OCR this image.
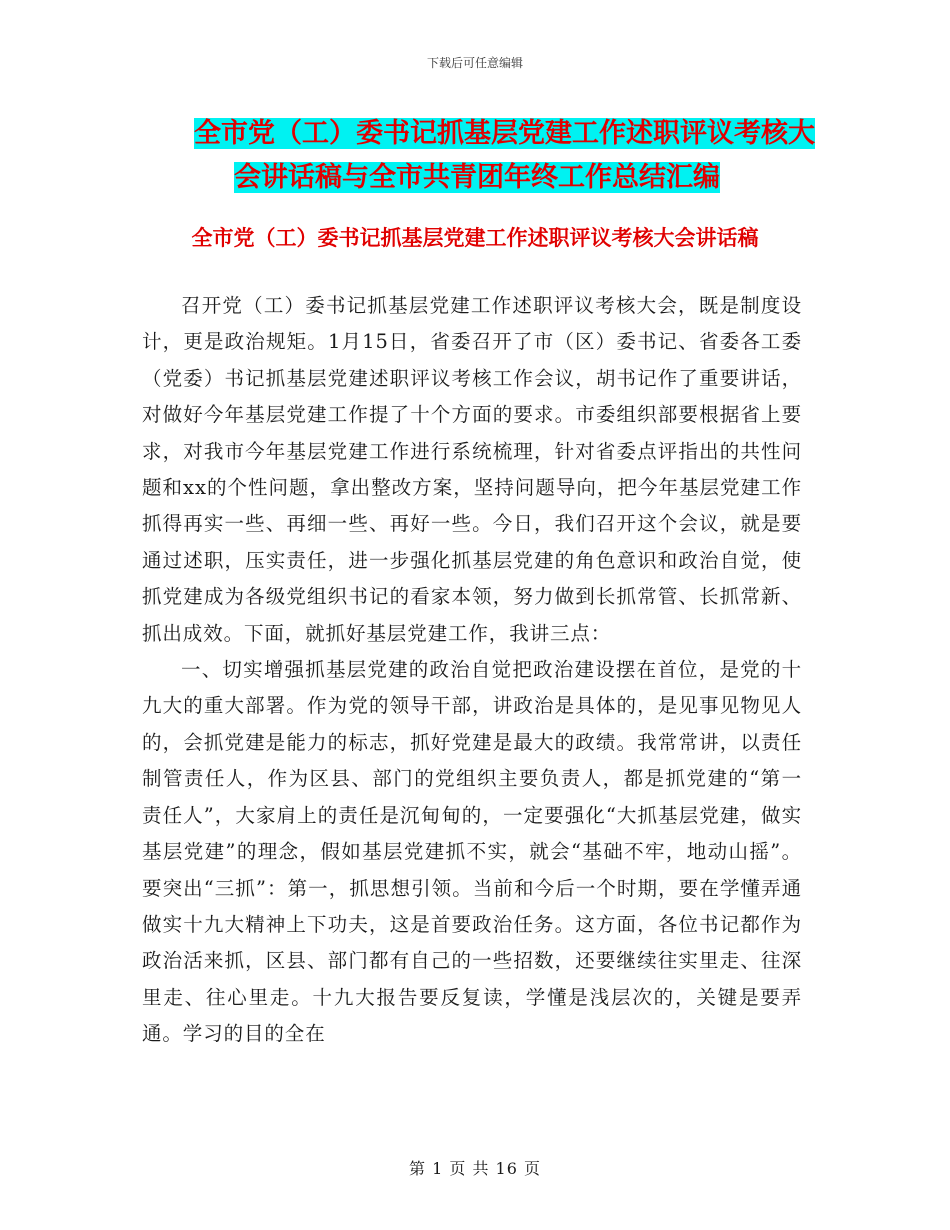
下载后可任意编辑
全市党（工）委书记抓基层党建工作述职评议考核大
会讲话稿与全市共青团年终工作总结汇编
全市党（工）委书记抓基层党建工作述职评议考核大会讲话稿

召开党（工）委书记抓基层党建工作述职评议考核大会，既是制度设计，更是政治规矩。1月15日，省委召开了市（区）委书记、省委各工委（党委）书记抓基层党建述职评议考核工作会议，胡书记作了重要讲话，对做好今年基层党建工作提了十个方面的要求。市委组织部要根据省上要求，对我市今年基层党建工作进行系统梳理，针对省委点评指出的共性问题和xx的个性问题，拿出整改方案，坚持问题导向，把今年基层党建工作抓得再实一些、再细一些、再好一些。今日，我们召开这个会议，就是要通过述职，压实责任，进一步强化抓基层党建的角色意识和政治自觉，使抓党建成为各级党组织书记的看家本领，努力做到长抓常管、长抓常新、抓出成效。下面，就抓好基层党建工作，我讲三点：

一、切实增强抓基层党建的政治自觉把政治建设摆在首位，是党的十九大的重大部署。作为党的领导干部，讲政治是具体的，是见事见物见人的，会抓党建是能力的标志，抓好党建是最大的政绩。我常常讲，以责任制管责任人，作为区县、部门的党组织主要负责人，都是抓党建的“第一责任人”，大家肩上的责任是沉甸甸的，一定要强化“大抓基层党建，做实基层党建”的理念，假如基层党建抓不实，就会“基础不牢，地动山摇”。要突出“三抓”：第一，抓思想引领。当前和今后一个时期，要在学懂弄通做实十九大精神上下功夫，这是首要政治任务。这方面，各位书记都作为政治活来抓，区县、部门都有自己的一些招数，还要继续往实里走、往深里走、往心里走。十九大报告要反复读，学懂是浅层次的，关键是要弄通。学习的目的全在

第 1 页 共 16 页
